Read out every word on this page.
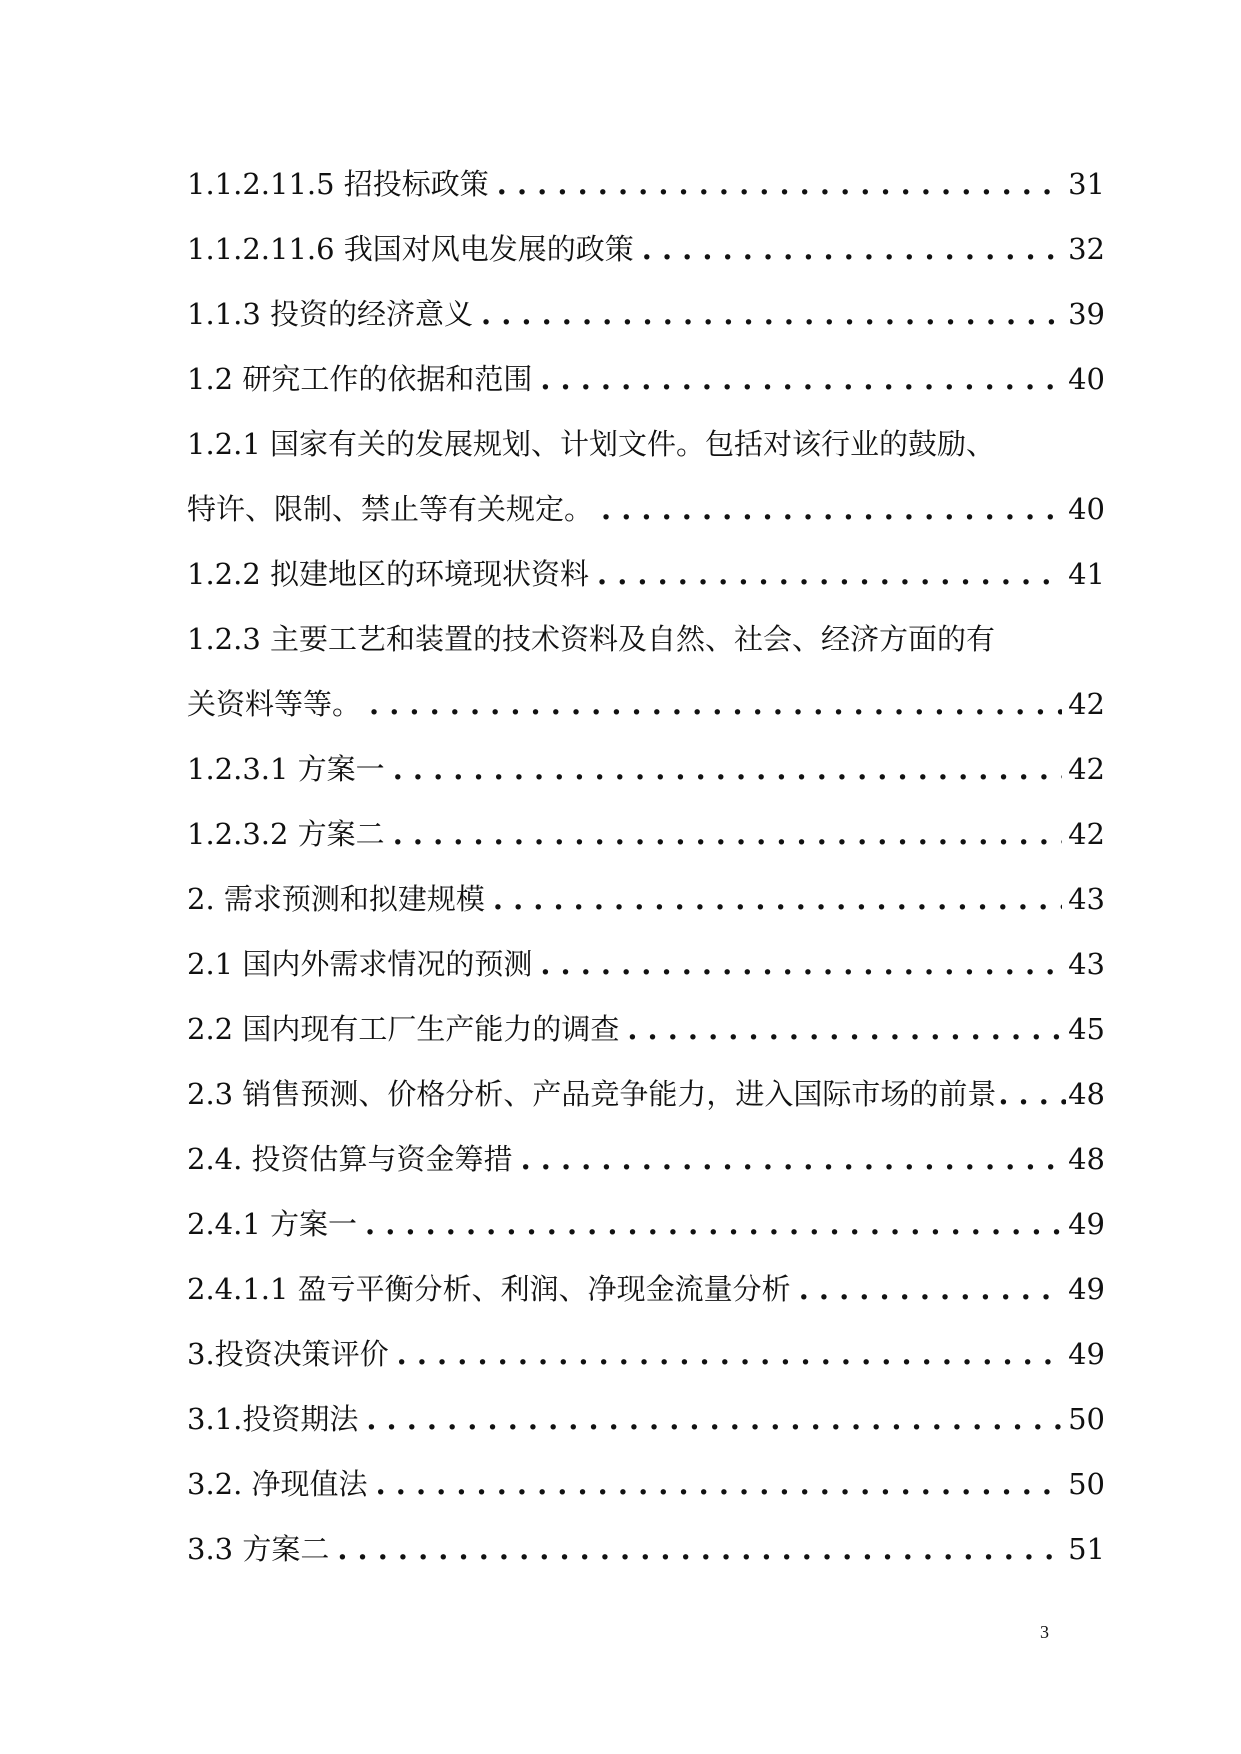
1.1.2.11.5 招投标政策 . . .	31
1.1.2.11.6 我国对风电发展的政策 . . .	32
1.1.3 投资的经济意义 . . .	39
1.2 研究工作的依据和范围 . . .	40
1.2.1 国家有关的发展规划、计划文件。包括对该行业的鼓励、
特许、限制、禁止等有关规定。 . . .	40
1.2.2 拟建地区的环境现状资料 . . .	41
1.2.3 主要工艺和装置的技术资料及自然、社会、经济方面的有
关资料等等。 . . .	42
1.2.3.1 方案一 . . .	42
1.2.3.2 方案二 . . .	42
2. 需求预测和拟建规模 . . .	43
2.1 国内外需求情况的预测 . . .	43
2.2 国内现有工厂生产能力的调查 . . .	45
2.3 销售预测、价格分析、产品竞争能力，进入国际市场的前景 . . . 48
2.4. 投资估算与资金筹措 . . .	48
2.4.1 方案一 . . .	49
2.4.1.1 盈亏平衡分析、利润、净现金流量分析 . . .	49
3.投资决策评价 . . .	49
3.1.投资期法 . . .	50
3.2. 净现值法 . . .	50
3.3 方案二 . . .	51
3
